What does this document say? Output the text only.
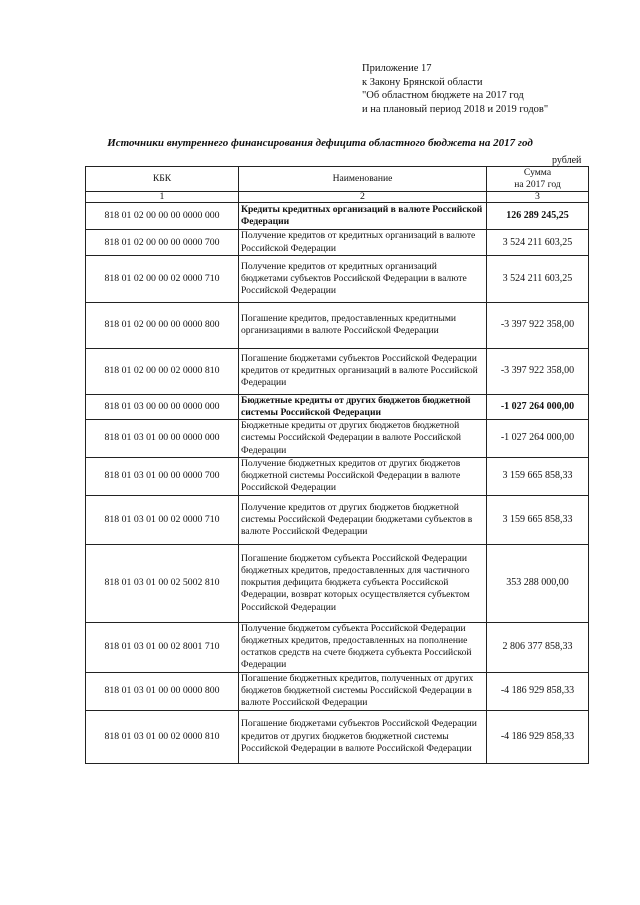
Приложение 17
к Закону Брянской области
"Об областном бюджете на 2017 год
и на плановый период 2018 и 2019 годов"
Источники внутреннего финансирования дефицита областного бюджета на 2017 год
рублей
КБК	Наименование	Сумма
на 2017 год

1	2	3
818 01 02 00 00 00 0000 000	Кредиты кредитных организаций в валюте Российской Федерации	126 289 245,25
818 01 02 00 00 00 0000 700	Получение кредитов от кредитных организаций в валюте Российской Федерации	3 524 211 603,25
818 01 02 00 00 02 0000 710	Получение кредитов от кредитных организаций бюджетами субъектов Российской Федерации в валюте Российской Федерации	3 524 211 603,25
818 01 02 00 00 00 0000 800	Погашение кредитов, предоставленных кредитными организациями в валюте Российской Федерации	-3 397 922 358,00
818 01 02 00 00 02 0000 810	Погашение бюджетами субъектов Российской Федерации кредитов от кредитных организаций в валюте Российской Федерации	-3 397 922 358,00
818 01 03 00 00 00 0000 000	Бюджетные кредиты от других бюджетов бюджетной системы Российской Федерации	-1 027 264 000,00
818 01 03 01 00 00 0000 000	Бюджетные кредиты от других бюджетов бюджетной системы Российской Федерации в валюте Российской Федерации	-1 027 264 000,00
818 01 03 01 00 00 0000 700	Получение бюджетных кредитов от других бюджетов бюджетной системы Российской Федерации в валюте Российской Федерации	3 159 665 858,33
818 01 03 01 00 02 0000 710	Получение кредитов от других бюджетов бюджетной системы Российской Федерации бюджетами субъектов в валюте Российской Федерации	3 159 665 858,33
818 01 03 01 00 02 5002 810	Погашение бюджетом субъекта Российской Федерации бюджетных кредитов, предоставленных для частичного покрытия дефицита бюджета субъекта Российской Федерации, возврат которых осуществляется субъектом Российской Федерации	353 288 000,00
818 01 03 01 00 02 8001 710	Получение бюджетом субъекта Российской Федерации бюджетных кредитов, предоставленных на пополнение остатков средств на счете бюджета субъекта Российской Федерации	2 806 377 858,33
818 01 03 01 00 00 0000 800	Погашение бюджетных кредитов, полученных от других бюджетов бюджетной системы Российской Федерации в валюте Российской Федерации	-4 186 929 858,33
818 01 03 01 00 02 0000 810	Погашение бюджетами субъектов Российской Федерации кредитов от других бюджетов бюджетной системы Российской Федерации в валюте Российской Федерации	-4 186 929 858,33
